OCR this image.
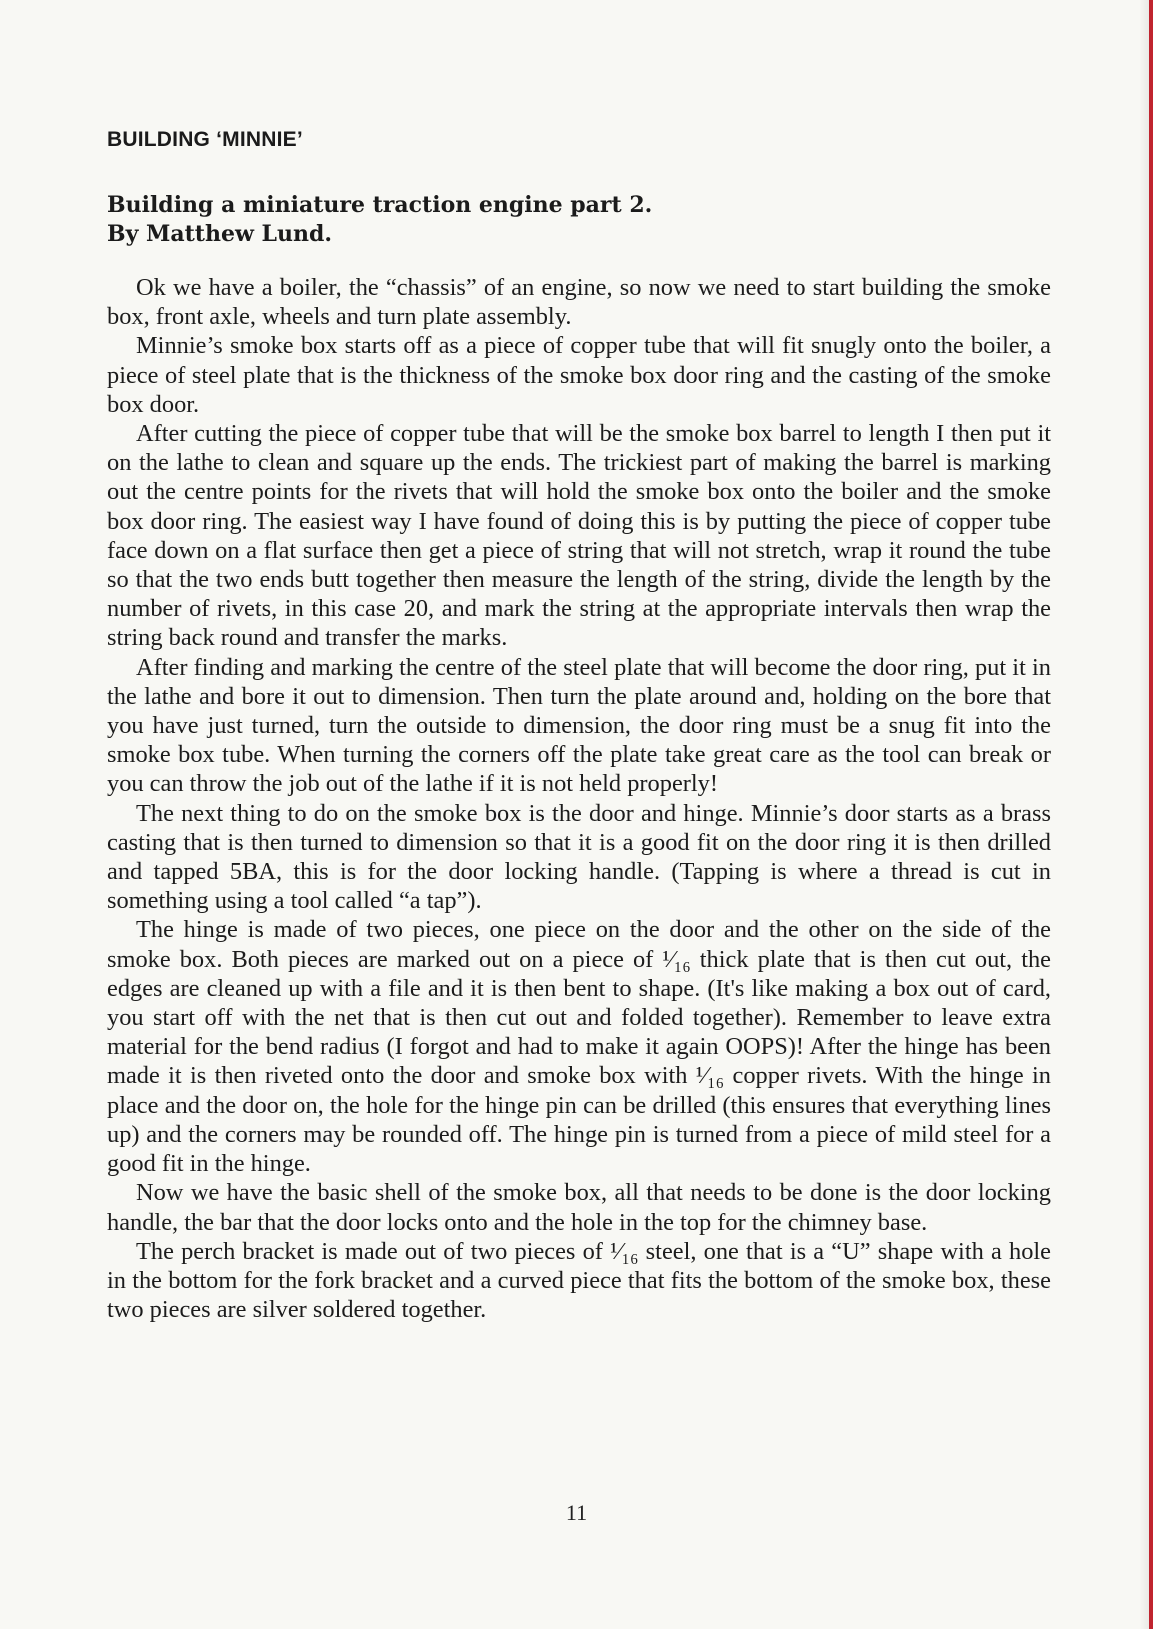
BUILDING ‘MINNIE’
Building a miniature traction engine part 2.
By Matthew Lund.

Ok we have a boiler, the “chassis” of an engine, so now we need to start building the smoke box, front axle, wheels and turn plate assembly.

Minnie’s smoke box starts off as a piece of copper tube that will fit snugly onto the boiler, a piece of steel plate that is the thickness of the smoke box door ring and the casting of the smoke box door.

After cutting the piece of copper tube that will be the smoke box barrel to length I then put it on the lathe to clean and square up the ends. The trickiest part of making the barrel is marking out the centre points for the rivets that will hold the smoke box onto the boiler and the smoke box door ring. The easiest way I have found of doing this is by putting the piece of copper tube face down on a flat surface then get a piece of string that will not stretch, wrap it round the tube so that the two ends butt together then measure the length of the string, divide the length by the number of rivets, in this case 20, and mark the string at the appropriate intervals then wrap the string back round and transfer the marks.

After finding and marking the centre of the steel plate that will become the door ring, put it in the lathe and bore it out to dimension. Then turn the plate around and, holding on the bore that you have just turned, turn the outside to dimension, the door ring must be a snug fit into the smoke box tube. When turning the corners off the plate take great care as the tool can break or you can throw the job out of the lathe if it is not held properly!

The next thing to do on the smoke box is the door and hinge. Minnie’s door starts as a brass casting that is then turned to dimension so that it is a good fit on the door ring it is then drilled and tapped 5BA, this is for the door locking handle. (Tapping is where a thread is cut in something using a tool called “a tap”).

The hinge is made of two pieces, one piece on the door and the other on the side of the smoke box. Both pieces are marked out on a piece of ¹⁄₁₆ thick plate that is then cut out, the edges are cleaned up with a file and it is then bent to shape. (It's like making a box out of card, you start off with the net that is then cut out and folded together). Remember to leave extra material for the bend radius (I forgot and had to make it again OOPS)! After the hinge has been made it is then riveted onto the door and smoke box with ¹⁄₁₆ copper rivets. With the hinge in place and the door on, the hole for the hinge pin can be drilled (this ensures that everything lines up) and the corners may be rounded off. The hinge pin is turned from a piece of mild steel for a good fit in the hinge.

Now we have the basic shell of the smoke box, all that needs to be done is the door locking handle, the bar that the door locks onto and the hole in the top for the chimney base.

The perch bracket is made out of two pieces of ¹⁄₁₆ steel, one that is a “U” shape with a hole in the bottom for the fork bracket and a curved piece that fits the bottom of the smoke box, these two pieces are silver soldered together.

11
